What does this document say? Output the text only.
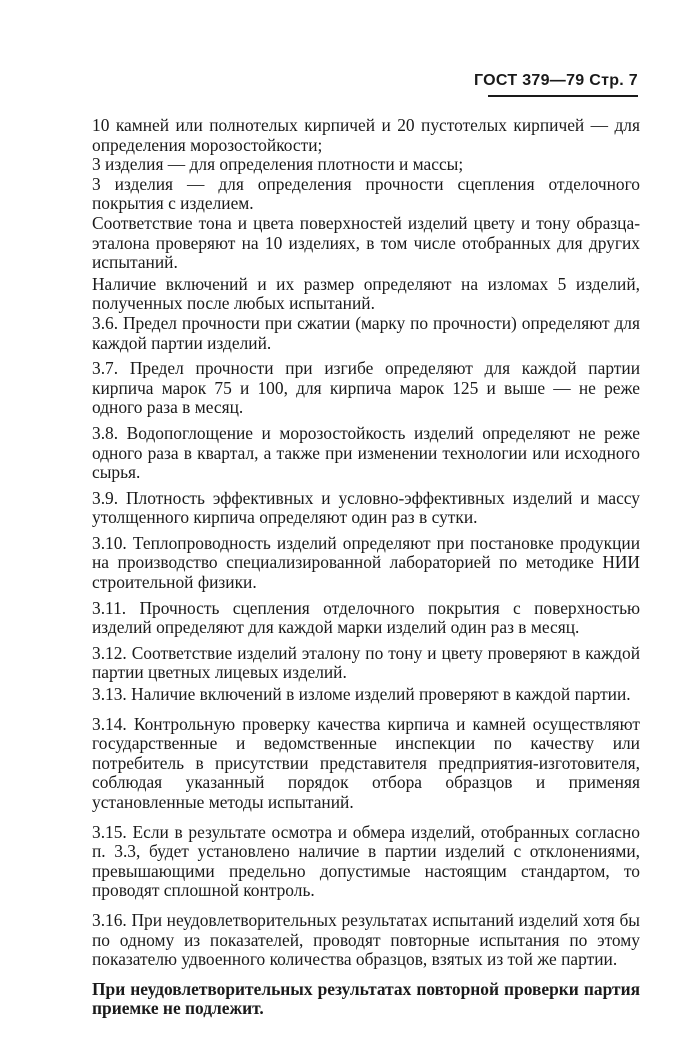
ГОСТ 379—79 Стр. 7

10 камней или полнотелых кирпичей и 20 пустотелых кирпичей — для определения морозостойкости;

3 изделия — для определения плотности и массы;

3 изделия — для определения прочности сцепления отделочного покрытия с изделием.

Соответствие тона и цвета поверхностей изделий цвету и тону образца-эталона проверяют на 10 изделиях, в том числе отобранных для других испытаний.

Наличие включений и их размер определяют на изломах 5 изделий, полученных после любых испытаний.

3.6. Предел прочности при сжатии (марку по прочности) определяют для каждой партии изделий.

3.7. Предел прочности при изгибе определяют для каждой партии кирпича марок 75 и 100, для кирпича марок 125 и выше — не реже одного раза в месяц.

3.8. Водопоглощение и морозостойкость изделий определяют не реже одного раза в квартал, а также при изменении технологии или исходного сырья.

3.9. Плотность эффективных и условно-эффективных изделий и массу утолщенного кирпича определяют один раз в сутки.

3.10. Теплопроводность изделий определяют при постановке продукции на производство специализированной лабораторией по методике НИИ строительной физики.

3.11. Прочность сцепления отделочного покрытия с поверхностью изделий определяют для каждой марки изделий один раз в месяц.

3.12. Соответствие изделий эталону по тону и цвету проверяют в каждой партии цветных лицевых изделий.

3.13. Наличие включений в изломе изделий проверяют в каждой партии.

3.14. Контрольную проверку качества кирпича и камней осуществляют государственные и ведомственные инспекции по качеству или потребитель в присутствии представителя предприятия-изготовителя, соблюдая указанный порядок отбора образцов и применяя установленные методы испытаний.

3.15. Если в результате осмотра и обмера изделий, отобранных согласно п. 3.3, будет установлено наличие в партии изделий с отклонениями, превышающими предельно допустимые настоящим стандартом, то проводят сплошной контроль.

3.16. При неудовлетворительных результатах испытаний изделий хотя бы по одному из показателей, проводят повторные испытания по этому показателю удвоенного количества образцов, взятых из той же партии.

При неудовлетворительных результатах повторной проверки партия приемке не подлежит.
